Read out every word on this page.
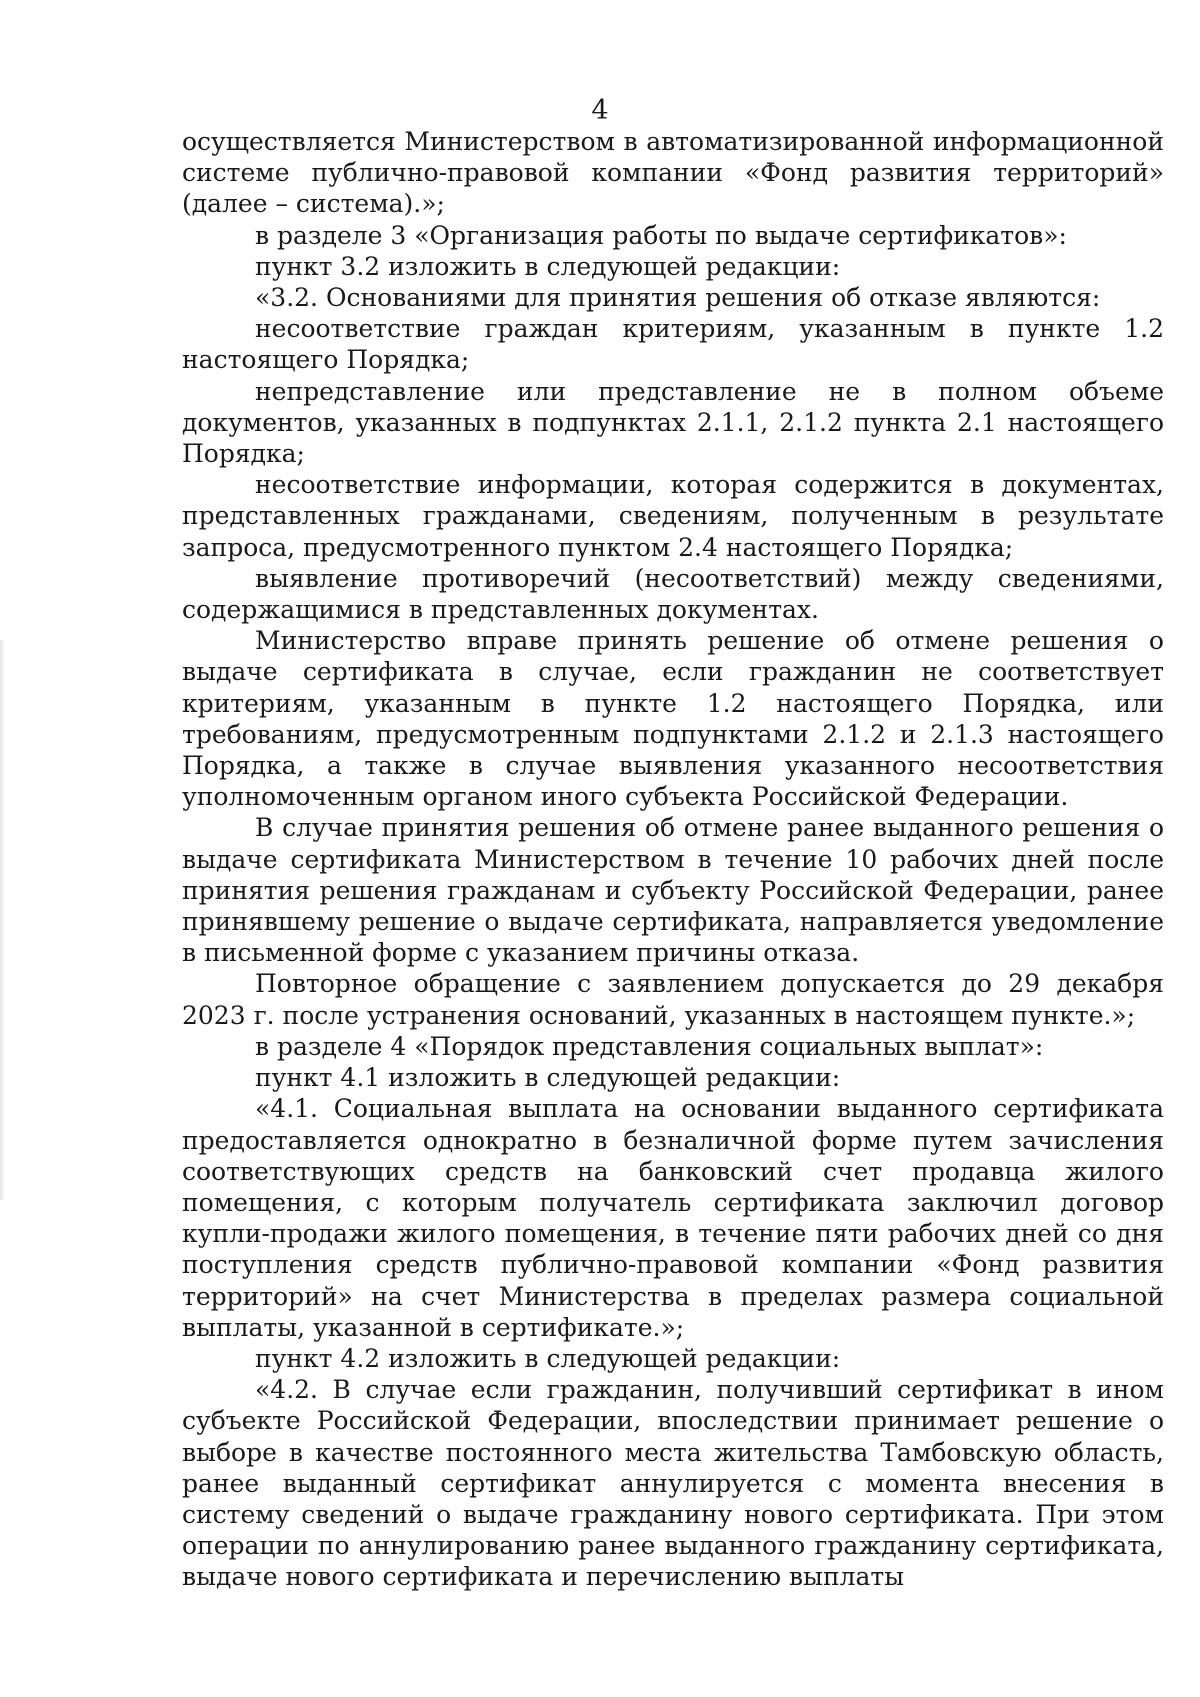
4

осуществляется Министерством в автоматизированной информационной системе публично-правовой компании «Фонд развития территорий» (далее – система).»;

в разделе 3 «Организация работы по выдаче сертификатов»:

пункт 3.2 изложить в следующей редакции:

«3.2. Основаниями для принятия решения об отказе являются:

несоответствие граждан критериям, указанным в пункте 1.2 настоящего Порядка;

непредставление или представление не в полном объеме документов, указанных в подпунктах 2.1.1, 2.1.2 пункта 2.1 настоящего Порядка;

несоответствие информации, которая содержится в документах, представленных гражданами, сведениям, полученным в результате запроса, предусмотренного пунктом 2.4 настоящего Порядка;

выявление противоречий (несоответствий) между сведениями, содержащимися в представленных документах.

Министерство вправе принять решение об отмене решения о выдаче сертификата в случае, если гражданин не соответствует критериям, указанным в пункте 1.2 настоящего Порядка, или требованиям, предусмотренным подпунктами 2.1.2 и 2.1.3 настоящего Порядка, а также в случае выявления указанного несоответствия уполномоченным органом иного субъекта Российской Федерации.

В случае принятия решения об отмене ранее выданного решения о выдаче сертификата Министерством в течение 10 рабочих дней после принятия решения гражданам и субъекту Российской Федерации, ранее принявшему решение о выдаче сертификата, направляется уведомление в письменной форме с указанием причины отказа.

Повторное обращение с заявлением допускается до 29 декабря 2023 г. после устранения оснований, указанных в настоящем пункте.»;

в разделе 4 «Порядок представления социальных выплат»:

пункт 4.1 изложить в следующей редакции:

«4.1. Социальная выплата на основании выданного сертификата предоставляется однократно в безналичной форме путем зачисления соответствующих средств на банковский счет продавца жилого помещения, с которым получатель сертификата заключил договор купли-продажи жилого помещения, в течение пяти рабочих дней со дня поступления средств публично-правовой компании «Фонд развития территорий» на счет Министерства в пределах размера социальной выплаты, указанной в сертификате.»;

пункт 4.2 изложить в следующей редакции:

«4.2. В случае если гражданин, получивший сертификат в ином субъекте Российской Федерации, впоследствии принимает решение о выборе в качестве постоянного места жительства Тамбовскую область, ранее выданный сертификат аннулируется с момента внесения в систему сведений о выдаче гражданину нового сертификата. При этом операции по аннулированию ранее выданного гражданину сертификата, выдаче нового сертификата и перечислению выплаты
